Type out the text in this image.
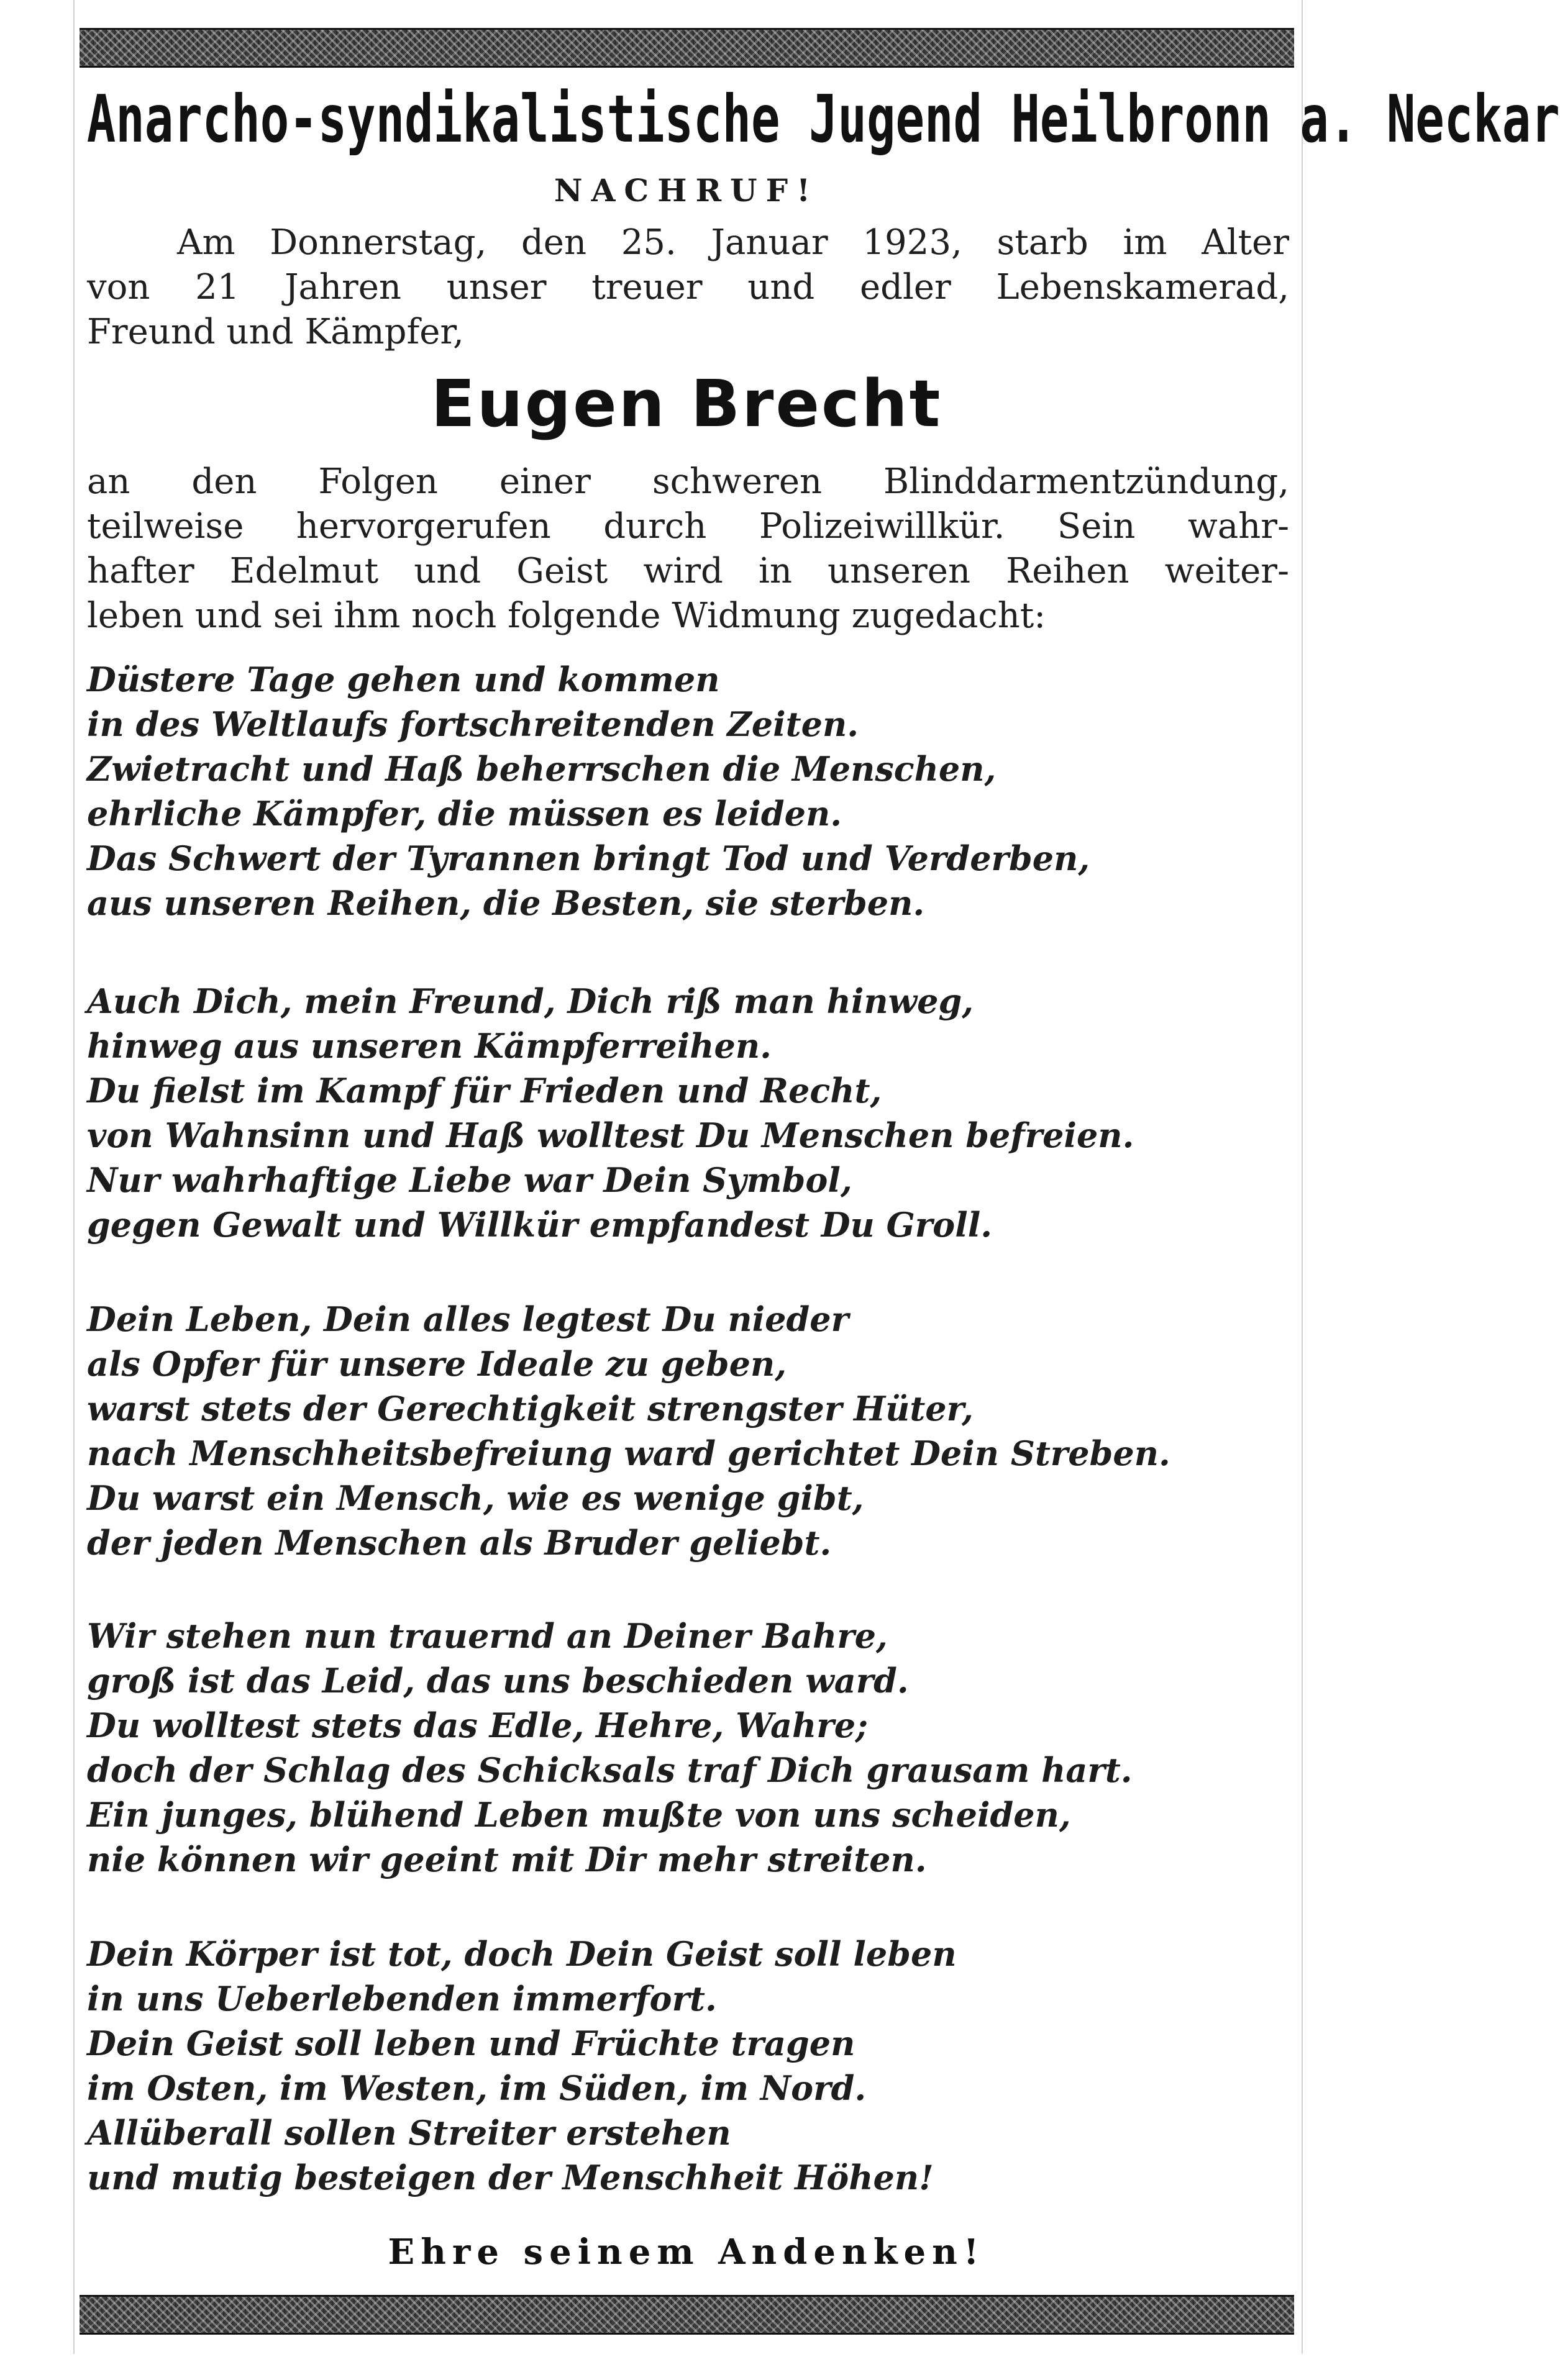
Anarcho-syndikalistische Jugend Heilbronn a. Neckar
NACHRUF!
Am Donnerstag, den 25. Januar 1923, starb im Alter
von 21 Jahren unser treuer und edler Lebenskamerad,
Freund und Kämpfer,
Eugen Brecht
an den Folgen einer schweren Blinddarmentzündung,
teilweise hervorgerufen durch Polizeiwillkür. Sein wahr-
hafter Edelmut und Geist wird in unseren Reihen weiter-
leben und sei ihm noch folgende Widmung zugedacht:
Düstere Tage gehen und kommen
in des Weltlaufs fortschreitenden Zeiten.
Zwietracht und Haß beherrschen die Menschen,
ehrliche Kämpfer, die müssen es leiden.
Das Schwert der Tyrannen bringt Tod und Verderben,
aus unseren Reihen, die Besten, sie sterben.
Auch Dich, mein Freund, Dich riß man hinweg,
hinweg aus unseren Kämpferreihen.
Du fielst im Kampf für Frieden und Recht,
von Wahnsinn und Haß wolltest Du Menschen befreien.
Nur wahrhaftige Liebe war Dein Symbol,
gegen Gewalt und Willkür empfandest Du Groll.
Dein Leben, Dein alles legtest Du nieder
als Opfer für unsere Ideale zu geben,
warst stets der Gerechtigkeit strengster Hüter,
nach Menschheitsbefreiung ward gerichtet Dein Streben.
Du warst ein Mensch, wie es wenige gibt,
der jeden Menschen als Bruder geliebt.
Wir stehen nun trauernd an Deiner Bahre,
groß ist das Leid, das uns beschieden ward.
Du wolltest stets das Edle, Hehre, Wahre;
doch der Schlag des Schicksals traf Dich grausam hart.
Ein junges, blühend Leben mußte von uns scheiden,
nie können wir geeint mit Dir mehr streiten.
Dein Körper ist tot, doch Dein Geist soll leben
in uns Ueberlebenden immerfort.
Dein Geist soll leben und Früchte tragen
im Osten, im Westen, im Süden, im Nord.
Allüberall sollen Streiter erstehen
und mutig besteigen der Menschheit Höhen!
Ehre seinem Andenken!
